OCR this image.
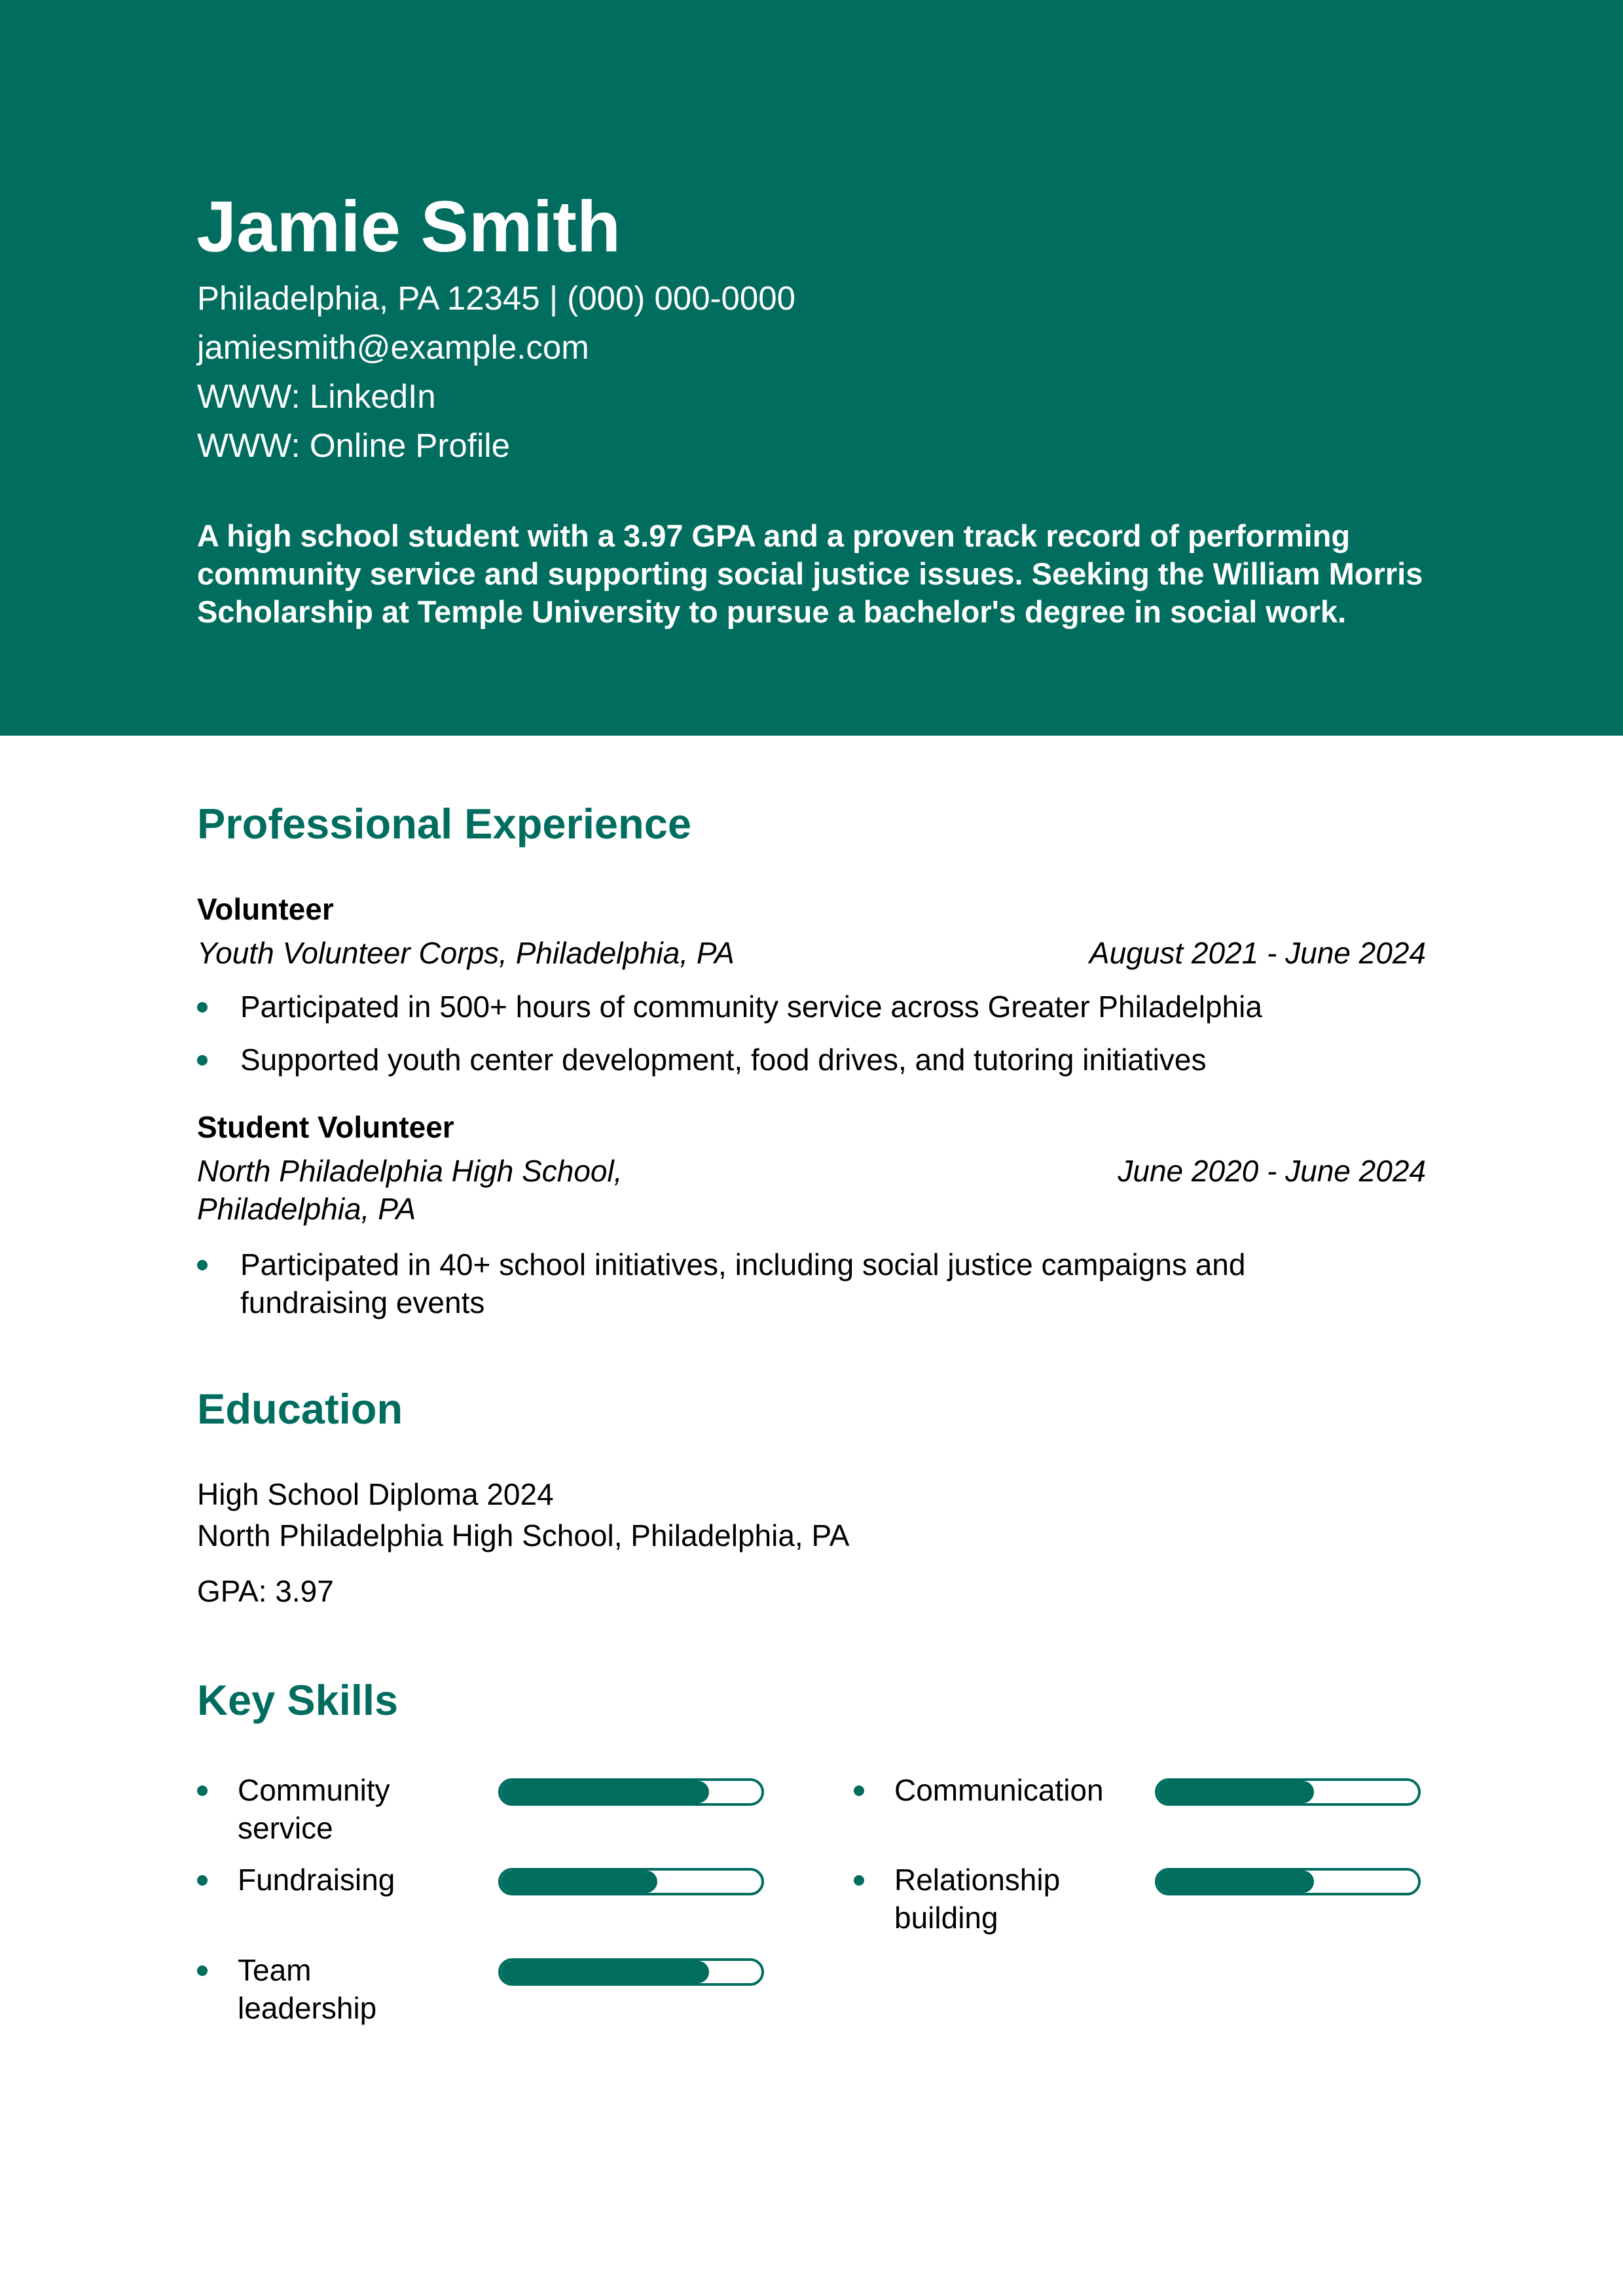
Jamie Smith
Philadelphia, PA 12345 | (000) 000-0000
jamiesmith@example.com
WWW: LinkedIn
WWW: Online Profile

A high school student with a 3.97 GPA and a proven track record of performing community service and supporting social justice issues. Seeking the William Morris Scholarship at Temple University to pursue a bachelor's degree in social work.

Professional Experience
Volunteer
Youth Volunteer Corps, Philadelphia, PA	August 2021 - June 2024

Participated in 500+ hours of community service across Greater Philadelphia

Supported youth center development, food drives, and tutoring initiatives

Student Volunteer
North Philadelphia High School,
Philadelphia, PA
June 2020 - June 2024

Participated in 40+ school initiatives, including social justice campaigns and fundraising events

Education
High School Diploma 2024
North Philadelphia High School, Philadelphia, PA
GPA: 3.97
Key Skills

Community service

Communication

Fundraising	Relationship building

Team leadership
